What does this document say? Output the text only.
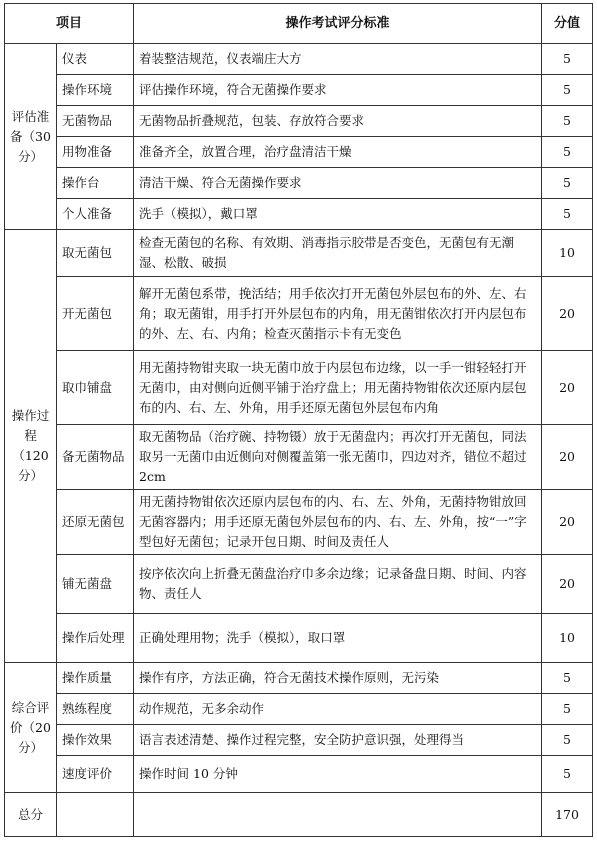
项目		操作考试评分标准	分值
评估准备（30分）	仪表	着装整洁规范，仪表端庄大方	5
	操作环境	评估操作环境，符合无菌操作要求	5
	无菌物品	无菌物品折叠规范，包装、存放符合要求	5
	用物准备	准备齐全，放置合理，治疗盘清洁干燥	5
	操作台	清洁干燥、符合无菌操作要求	5
	个人准备	洗手（模拟），戴口罩	5
操作过程（120分）	取无菌包	检查无菌包的名称、有效期、消毒指示胶带是否变色，无菌包有无潮湿、松散、破损	10
	开无菌包	解开无菌包系带，挽活结；用手依次打开无菌包外层包布的外、左、右角；取无菌钳，用手打开外层包布的内角，用无菌钳依次打开内层包布的外、左、右、内角；检查灭菌指示卡有无变色	20
	取巾铺盘	用无菌持物钳夹取一块无菌巾放于内层包布边缘，以一手一钳轻轻打开无菌巾，由对侧向近侧平铺于治疗盘上；用无菌持物钳依次还原内层包布的内、右、左、外角，用手还原无菌包外层包布内角	20
	备无菌物品	取无菌物品（治疗碗、持物镊）放于无菌盘内；再次打开无菌包，同法取另一无菌巾由近侧向对侧覆盖第一张无菌巾，四边对齐，错位不超过 2cm	20
	还原无菌包	用无菌持物钳依次还原内层包布的内、右、左、外角，无菌持物钳放回无菌容器内；用手还原无菌包外层包布的内、右、左、外角，按“一”字型包好无菌包；记录开包日期、时间及责任人	20
	铺无菌盘	按序依次向上折叠无菌盘治疗巾多余边缘；记录备盘日期、时间、内容物、责任人	20
	操作后处理	正确处理用物；洗手（模拟），取口罩	10
综合评价（20分）	操作质量	操作有序，方法正确，符合无菌技术操作原则，无污染	5
	熟练程度	动作规范，无多余动作	5
	操作效果	语言表述清楚、操作过程完整，安全防护意识强，处理得当	5
	速度评价	操作时间 10 分钟	5
总分			170
